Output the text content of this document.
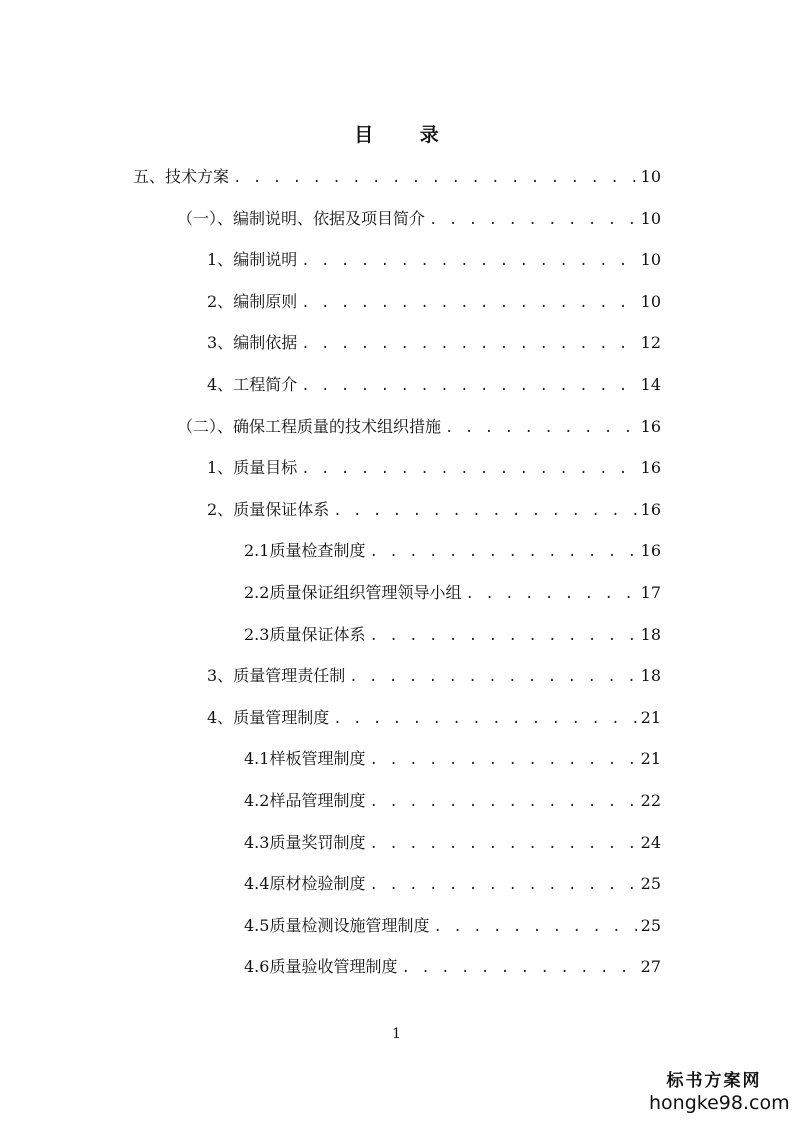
目 录
五、 技术方案 . . .	10
（一）、 编制说明、依据及项目简介 . . .	10
1、 编制说明 . . .	10
2、 编制原则 . . .	10
3、 编制依据 . . .	12
4、 工程简介 . . .	14
（二）、 确保工程质量的技术组织措施 . . .	16
1、 质量目标 . . .	16
2、 质量保证体系 . . .	16
2.1 质量检查制度 . . .	16
2.2 质量保证组织管理领导小组 . . .	17
2.3 质量保证体系 . . .	18
3、 质量管理责任制 . . .	18
4、 质量管理制度 . . .	21
4.1 样板管理制度 . . .	21
4.2 样品管理制度 . . .	22
4.3 质量奖罚制度 . . .	24
4.4 原材检验制度 . . .	25
4.5 质量检测设施管理制度 . . .	25
4.6 质量验收管理制度 . . .	27

1

标书方案网
hongke98.com
